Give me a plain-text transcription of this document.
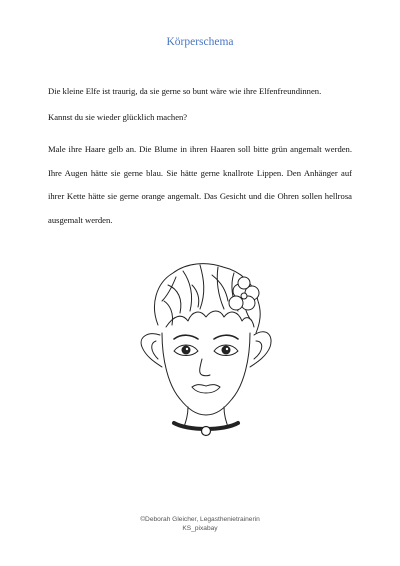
Körperschema

Die kleine Elfe ist traurig, da sie gerne so bunt wäre wie ihre Elfenfreundinnen.

Kannst du sie wieder glücklich machen?

Male ihre Haare gelb an. Die Blume in ihren Haaren soll bitte grün angemalt werden. Ihre Augen hätte sie gerne blau. Sie hätte gerne knallrote Lippen. Den Anhänger auf ihrer Kette hätte sie gerne orange angemalt. Das Gesicht und die Ohren sollen hellrosa ausgemalt werden.

©Deborah Gleicher, Legasthenietrainerin
KS_pixabay
